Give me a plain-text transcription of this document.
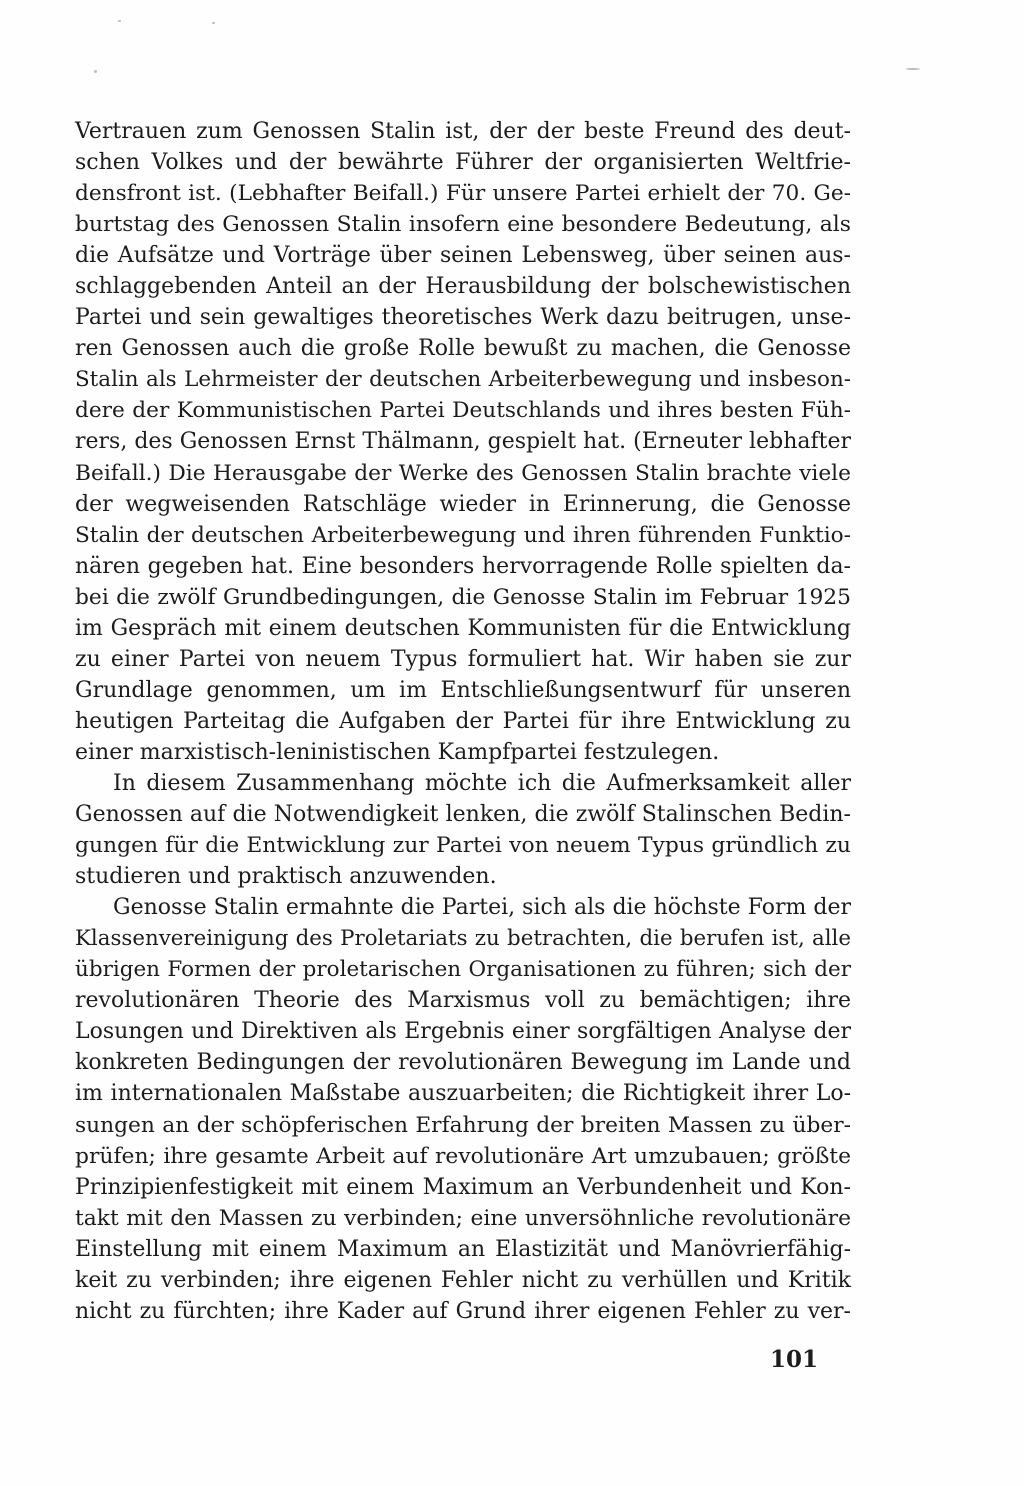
Vertrauen zum Genossen Stalin ist, der der beste Freund des deut-
schen Volkes und der bewährte Führer der organisierten Weltfrie-
densfront ist. (Lebhafter Beifall.) Für unsere Partei erhielt der 70. Ge-
burtstag des Genossen Stalin insofern eine besondere Bedeutung, als
die Aufsätze und Vorträge über seinen Lebensweg, über seinen aus-
schlaggebenden Anteil an der Herausbildung der bolschewistischen
Partei und sein gewaltiges theoretisches Werk dazu beitrugen, unse-
ren Genossen auch die große Rolle bewußt zu machen, die Genosse
Stalin als Lehrmeister der deutschen Arbeiterbewegung und insbeson-
dere der Kommunistischen Partei Deutschlands und ihres besten Füh-
rers, des Genossen Ernst Thälmann, gespielt hat. (Erneuter lebhafter
Beifall.) Die Herausgabe der Werke des Genossen Stalin brachte viele
der wegweisenden Ratschläge wieder in Erinnerung, die Genosse
Stalin der deutschen Arbeiterbewegung und ihren führenden Funktio-
nären gegeben hat. Eine besonders hervorragende Rolle spielten da-
bei die zwölf Grundbedingungen, die Genosse Stalin im Februar 1925
im Gespräch mit einem deutschen Kommunisten für die Entwicklung
zu einer Partei von neuem Typus formuliert hat. Wir haben sie zur
Grundlage genommen, um im Entschließungsentwurf für unseren
heutigen Parteitag die Aufgaben der Partei für ihre Entwicklung zu
einer marxistisch-leninistischen Kampfpartei festzulegen.
In diesem Zusammenhang möchte ich die Aufmerksamkeit aller
Genossen auf die Notwendigkeit lenken, die zwölf Stalinschen Bedin-
gungen für die Entwicklung zur Partei von neuem Typus gründlich zu
studieren und praktisch anzuwenden.
Genosse Stalin ermahnte die Partei, sich als die höchste Form der
Klassenvereinigung des Proletariats zu betrachten, die berufen ist, alle
übrigen Formen der proletarischen Organisationen zu führen; sich der
revolutionären Theorie des Marxismus voll zu bemächtigen; ihre
Losungen und Direktiven als Ergebnis einer sorgfältigen Analyse der
konkreten Bedingungen der revolutionären Bewegung im Lande und
im internationalen Maßstabe auszuarbeiten; die Richtigkeit ihrer Lo-
sungen an der schöpferischen Erfahrung der breiten Massen zu über-
prüfen; ihre gesamte Arbeit auf revolutionäre Art umzubauen; größte
Prinzipienfestigkeit mit einem Maximum an Verbundenheit und Kon-
takt mit den Massen zu verbinden; eine unversöhnliche revolutionäre
Einstellung mit einem Maximum an Elastizität und Manövrierfähig-
keit zu verbinden; ihre eigenen Fehler nicht zu verhüllen und Kritik
nicht zu fürchten; ihre Kader auf Grund ihrer eigenen Fehler zu ver-
101
